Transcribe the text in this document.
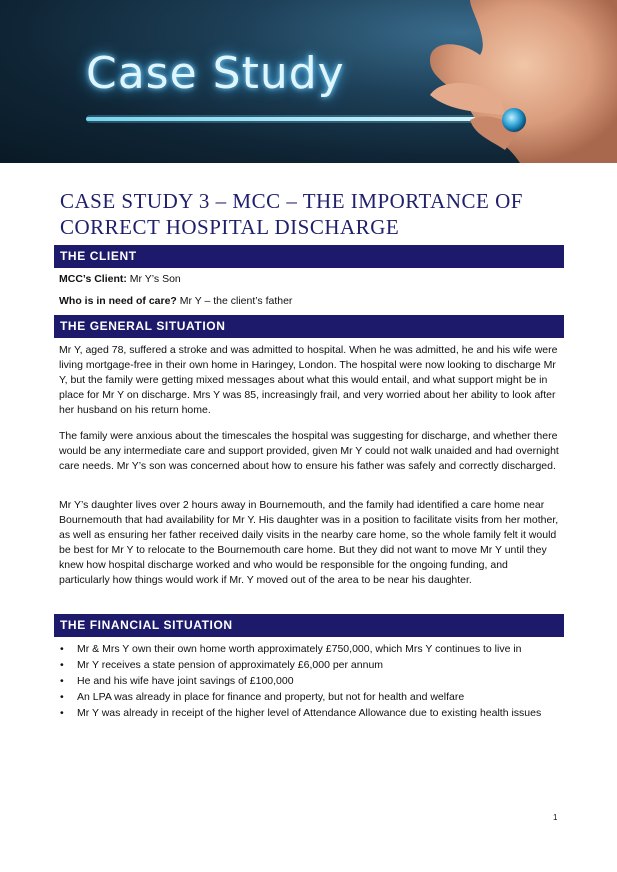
Case Study
CASE STUDY 3 – MCC – THE IMPORTANCE OF
CORRECT HOSPITAL DISCHARGE
THE CLIENT
MCC’s Client: Mr Y’s Son
Who is in need of care? Mr Y – the client’s father
THE GENERAL SITUATION

Mr Y, aged 78, suffered a stroke and was admitted to hospital. When he was admitted, he and his wife were living mortgage-free in their own home in Haringey, London. The hospital were now looking to discharge Mr Y, but the family were getting mixed messages about what this would entail, and what support might be in place for Mr Y on discharge. Mrs Y was 85, increasingly frail, and very worried about her ability to look after her husband on his return home.

The family were anxious about the timescales the hospital was suggesting for discharge, and whether there would be any intermediate care and support provided, given Mr Y could not walk unaided and had overnight care needs. Mr Y’s son was concerned about how to ensure his father was safely and correctly discharged.

Mr Y’s daughter lives over 2 hours away in Bournemouth, and the family had identified a care home near Bournemouth that had availability for Mr Y. His daughter was in a position to facilitate visits from her mother, as well as ensuring her father received daily visits in the nearby care home, so the whole family felt it would be best for Mr Y to relocate to the Bournemouth care home. But they did not want to move Mr Y until they knew how hospital discharge worked and who would be responsible for the ongoing funding, and particularly how things would work if Mr. Y moved out of the area to be near his daughter.

THE FINANCIAL SITUATION
• Mr & Mrs Y own their own home worth approximately £750,000, which Mrs Y continues to live in
• Mr Y receives a state pension of approximately £6,000 per annum
• He and his wife have joint savings of £100,000
• An LPA was already in place for finance and property, but not for health and welfare
• Mr Y was already in receipt of the higher level of Attendance Allowance due to existing health issues
1
